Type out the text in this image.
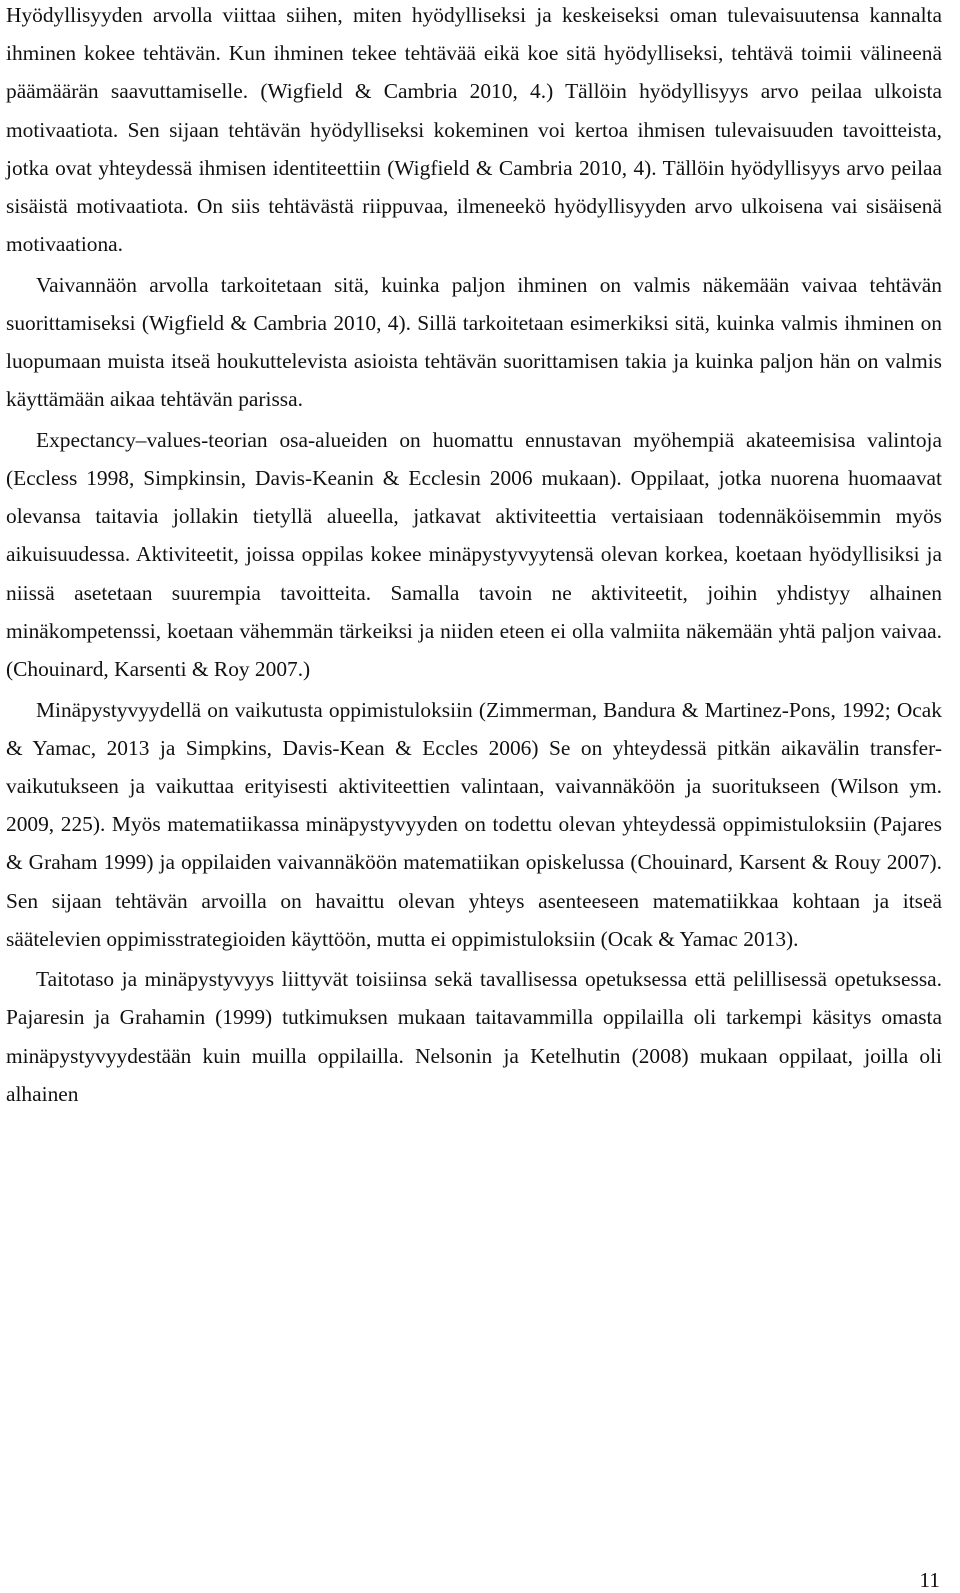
Hyödyllisyyden arvolla viittaa siihen, miten hyödylliseksi ja keskeiseksi oman tulevaisuutensa kannalta ihminen kokee tehtävän. Kun ihminen tekee tehtävää eikä koe sitä hyödylliseksi, tehtävä toimii välineenä päämäärän saavuttamiselle. (Wigfield & Cambria 2010, 4.) Tällöin hyödyllisyys arvo peilaa ulkoista motivaatiota. Sen sijaan tehtävän hyödylliseksi kokeminen voi kertoa ihmisen tulevaisuuden tavoitteista, jotka ovat yhteydessä ihmisen identiteettiin (Wigfield & Cambria 2010, 4). Tällöin hyödyllisyys arvo peilaa sisäistä motivaatiota. On siis tehtävästä riippuvaa, ilmeneekö hyödyllisyyden arvo ulkoisena vai sisäisenä motivaationa.

Vaivannäön arvolla tarkoitetaan sitä, kuinka paljon ihminen on valmis näkemään vaivaa tehtävän suorittamiseksi (Wigfield & Cambria 2010, 4). Sillä tarkoitetaan esimerkiksi sitä, kuinka valmis ihminen on luopumaan muista itseä houkuttelevista asioista tehtävän suorittamisen takia ja kuinka paljon hän on valmis käyttämään aikaa tehtävän parissa.

Expectancy–values-teorian osa-alueiden on huomattu ennustavan myöhempiä akateemisisa valintoja (Eccless 1998, Simpkinsin, Davis-Keanin & Ecclesin 2006 mukaan). Oppilaat, jotka nuorena huomaavat olevansa taitavia jollakin tietyllä alueella, jatkavat aktiviteettia vertaisiaan todennäköisemmin myös aikuisuudessa. Aktiviteetit, joissa oppilas kokee minäpystyvyytensä olevan korkea, koetaan hyödyllisiksi ja niissä asetetaan suurempia tavoitteita. Samalla tavoin ne aktiviteetit, joihin yhdistyy alhainen minäkompetenssi, koetaan vähemmän tärkeiksi ja niiden eteen ei olla valmiita näkemään yhtä paljon vaivaa. (Chouinard, Karsenti & Roy 2007.)

Minäpystyvyydellä on vaikutusta oppimistuloksiin (Zimmerman, Bandura & Martinez-Pons, 1992; Ocak & Yamac, 2013 ja Simpkins, Davis-Kean & Eccles 2006) Se on yhteydessä pitkän aikavälin transfer-vaikutukseen ja vaikuttaa erityisesti aktiviteettien valintaan, vaivannäköön ja suoritukseen (Wilson ym. 2009, 225). Myös matematiikassa minäpystyvyyden on todettu olevan yhteydessä oppimistuloksiin (Pajares & Graham 1999) ja oppilaiden vaivannäköön matematiikan opiskelussa (Chouinard, Karsent & Rouy 2007). Sen sijaan tehtävän arvoilla on havaittu olevan yhteys asenteeseen matematiikkaa kohtaan ja itseä säätelevien oppimisstrategioiden käyttöön, mutta ei oppimistuloksiin (Ocak & Yamac 2013).

Taitotaso ja minäpystyvyys liittyvät toisiinsa sekä tavallisessa opetuksessa että pelillisessä opetuksessa. Pajaresin ja Grahamin (1999) tutkimuksen mukaan taitavammilla oppilailla oli tarkempi käsitys omasta minäpystyvyydestään kuin muilla oppilailla. Nelsonin ja Ketelhutin (2008) mukaan oppilaat, joilla oli alhainen

11
